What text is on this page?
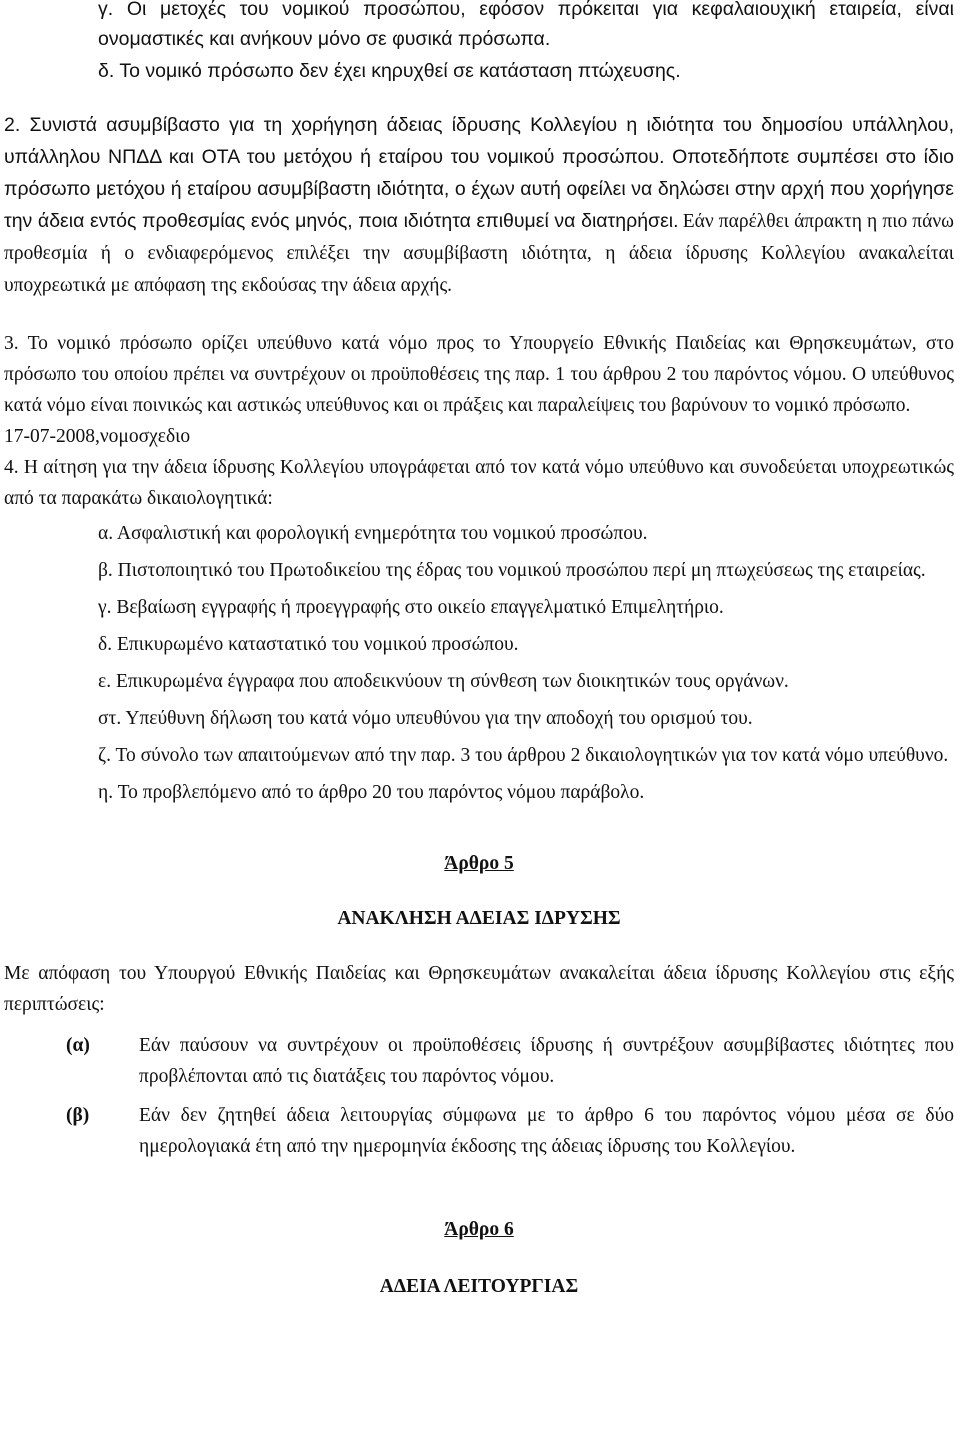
γ. Οι μετοχές του νομικού προσώπου, εφόσον πρόκειται για κεφαλαιουχική εταιρεία, είναι ονομαστικές και ανήκουν μόνο σε φυσικά πρόσωπα.

δ. Το νομικό πρόσωπο δεν έχει κηρυχθεί σε κατάσταση πτώχευσης.

2. Συνιστά ασυμβίβαστο για τη χορήγηση άδειας ίδρυσης Κολλεγίου η ιδιότητα του δημοσίου υπάλληλου, υπάλληλου ΝΠΔΔ και ΟΤΑ του μετόχου ή εταίρου του νομικού προσώπου. Οποτεδήποτε συμπέσει στο ίδιο πρόσωπο μετόχου ή εταίρου ασυμβίβαστη ιδιότητα, ο έχων αυτή οφείλει να δηλώσει στην αρχή που χορήγησε την άδεια εντός προθεσμίας ενός μηνός, ποια ιδιότητα επιθυμεί να διατηρήσει. Εάν παρέλθει άπρακτη η πιο πάνω προθεσμία ή ο ενδιαφερόμενος επιλέξει την ασυμβίβαστη ιδιότητα, η άδεια ίδρυσης Κολλεγίου ανακαλείται υποχρεωτικά με απόφαση της εκδούσας την άδεια αρχής.

3. Το νομικό πρόσωπο ορίζει υπεύθυνο κατά νόμο προς το Υπουργείο Εθνικής Παιδείας και Θρησκευμάτων, στο πρόσωπο του οποίου πρέπει να συντρέχουν οι προϋποθέσεις της παρ. 1 του άρθρου 2 του παρόντος νόμου. Ο υπεύθυνος κατά νόμο είναι ποινικώς και αστικώς υπεύθυνος και οι πράξεις και παραλείψεις του βαρύνουν το νομικό πρόσωπο.

17-07-2008,νομοσχεδιο

4. Η αίτηση για την άδεια ίδρυσης Κολλεγίου υπογράφεται από τον κατά νόμο υπεύθυνο και συνοδεύεται υποχρεωτικώς από τα παρακάτω δικαιολογητικά:

α. Ασφαλιστική και φορολογική ενημερότητα του νομικού προσώπου.

β. Πιστοποιητικό του Πρωτοδικείου της έδρας του νομικού προσώπου περί μη πτωχεύσεως της εταιρείας.

γ. Βεβαίωση εγγραφής ή προεγγραφής στο οικείο επαγγελματικό Επιμελητήριο.

δ. Επικυρωμένο καταστατικό του νομικού προσώπου.

ε. Επικυρωμένα έγγραφα που αποδεικνύουν τη σύνθεση των διοικητικών τους οργάνων.

στ. Υπεύθυνη δήλωση του κατά νόμο υπευθύνου για την αποδοχή του ορισμού του.

ζ. Το σύνολο των απαιτούμενων από την παρ. 3 του άρθρου 2 δικαιολογητικών για τον κατά νόμο υπεύθυνο.

η. Το προβλεπόμενο από το άρθρο 20 του παρόντος νόμου παράβολο.

Άρθρο 5

ΑΝΑΚΛΗΣΗ ΑΔΕΙΑΣ ΙΔΡΥΣΗΣ

Με απόφαση του Υπουργού Εθνικής Παιδείας και Θρησκευμάτων ανακαλείται άδεια ίδρυσης Κολλεγίου στις εξής περιπτώσεις:

(α)	Εάν παύσουν να συντρέχουν οι προϋποθέσεις ίδρυσης ή συντρέξουν ασυμβίβαστες ιδιότητες που προβλέπονται από τις διατάξεις του παρόντος νόμου.
(β)	Εάν δεν ζητηθεί άδεια λειτουργίας σύμφωνα με το άρθρο 6 του παρόντος νόμου μέσα σε δύο ημερολογιακά έτη από την ημερομηνία έκδοσης της άδειας ίδρυσης του Κολλεγίου.

Άρθρο 6

ΑΔΕΙΑ ΛΕΙΤΟΥΡΓΙΑΣ
